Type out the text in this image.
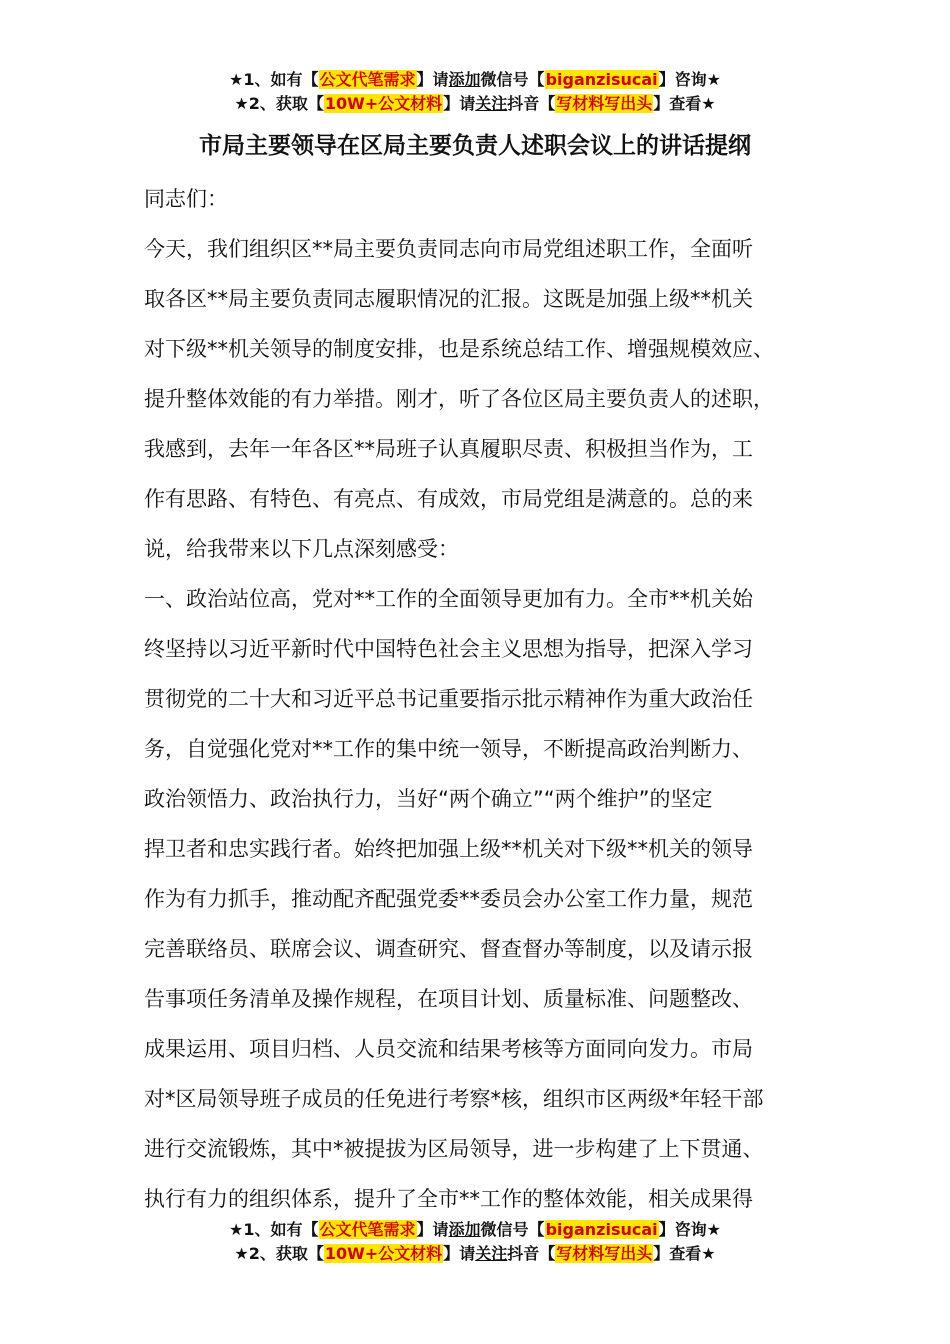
★1、如有【公文代笔需求】请添加微信号【biganzisucai】咨询★
★2、获取【10W+公文材料】请关注抖音【写材料写出头】查看★
市局主要领导在区局主要负责人述职会议上的讲话提纲
同志们：
今天，我们组织区**局主要负责同志向市局党组述职工作，全面听
取各区**局主要负责同志履职情况的汇报。这既是加强上级**机关
对下级**机关领导的制度安排，也是系统总结工作、增强规模效应、
提升整体效能的有力举措。刚才，听了各位区局主要负责人的述职，
我感到，去年一年各区**局班子认真履职尽责、积极担当作为，工
作有思路、有特色、有亮点、有成效，市局党组是满意的。总的来
说，给我带来以下几点深刻感受：
一、政治站位高，党对**工作的全面领导更加有力。全市**机关始
终坚持以习近平新时代中国特色社会主义思想为指导，把深入学习
贯彻党的二十大和习近平总书记重要指示批示精神作为重大政治任
务，自觉强化党对**工作的集中统一领导，不断提高政治判断力、
政治领悟力、政治执行力，当好“两个确立”“两个维护”的坚定
捍卫者和忠实践行者。始终把加强上级**机关对下级**机关的领导
作为有力抓手，推动配齐配强党委**委员会办公室工作力量，规范
完善联络员、联席会议、调查研究、督查督办等制度，以及请示报
告事项任务清单及操作规程，在项目计划、质量标准、问题整改、
成果运用、项目归档、人员交流和结果考核等方面同向发力。市局
对*区局领导班子成员的任免进行考察*核，组织市区两级*年轻干部
进行交流锻炼，其中*被提拔为区局领导，进一步构建了上下贯通、
执行有力的组织体系，提升了全市**工作的整体效能，相关成果得
★1、如有【公文代笔需求】请添加微信号【biganzisucai】咨询★
★2、获取【10W+公文材料】请关注抖音【写材料写出头】查看★
